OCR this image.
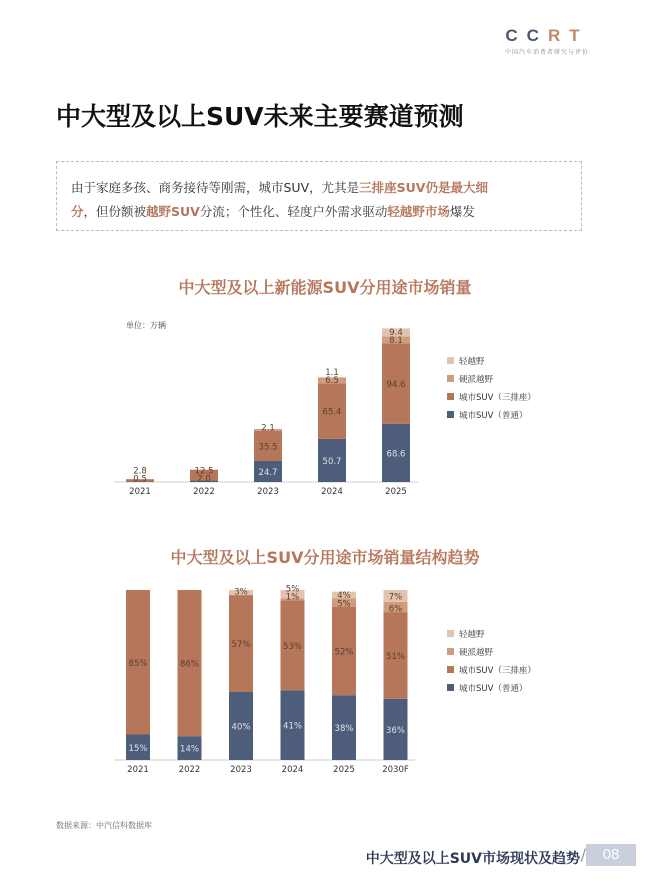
CCRT
中国汽车消费者研究与评价
中大型及以上SUV未来主要赛道预测
由于家庭多孩、商务接待等刚需，城市SUV，尤其是三排座SUV仍是最大细
分，但份额被越野SUV分流；个性化、轻度户外需求驱动轻越野市场爆发
中大型及以上新能源SUV分用途市场销量
单位：万辆
0.5
2.8
2021
2.0
12.5
2022
24.7
35.5
2.1
2023
50.7
65.4
6.5
1.1
2024
68.6
94.6
8.1
9.4
2025
轻越野
硬派越野
城市SUV（三排座）
城市SUV（普通）
中大型及以上SUV分用途市场销量结构趋势
15%
85%
2021
14%
86%
2022
40%
57%
3%
2023
41%
53%
1%
5%
2024
38%
52%
5%
4%
2025
36%
51%
6%
7%
2030F
轻越野
硬派越野
城市SUV（三排座）
城市SUV（普通）
数据来源：中汽信科数据库
中大型及以上SUV市场现状及趋势 /	08
